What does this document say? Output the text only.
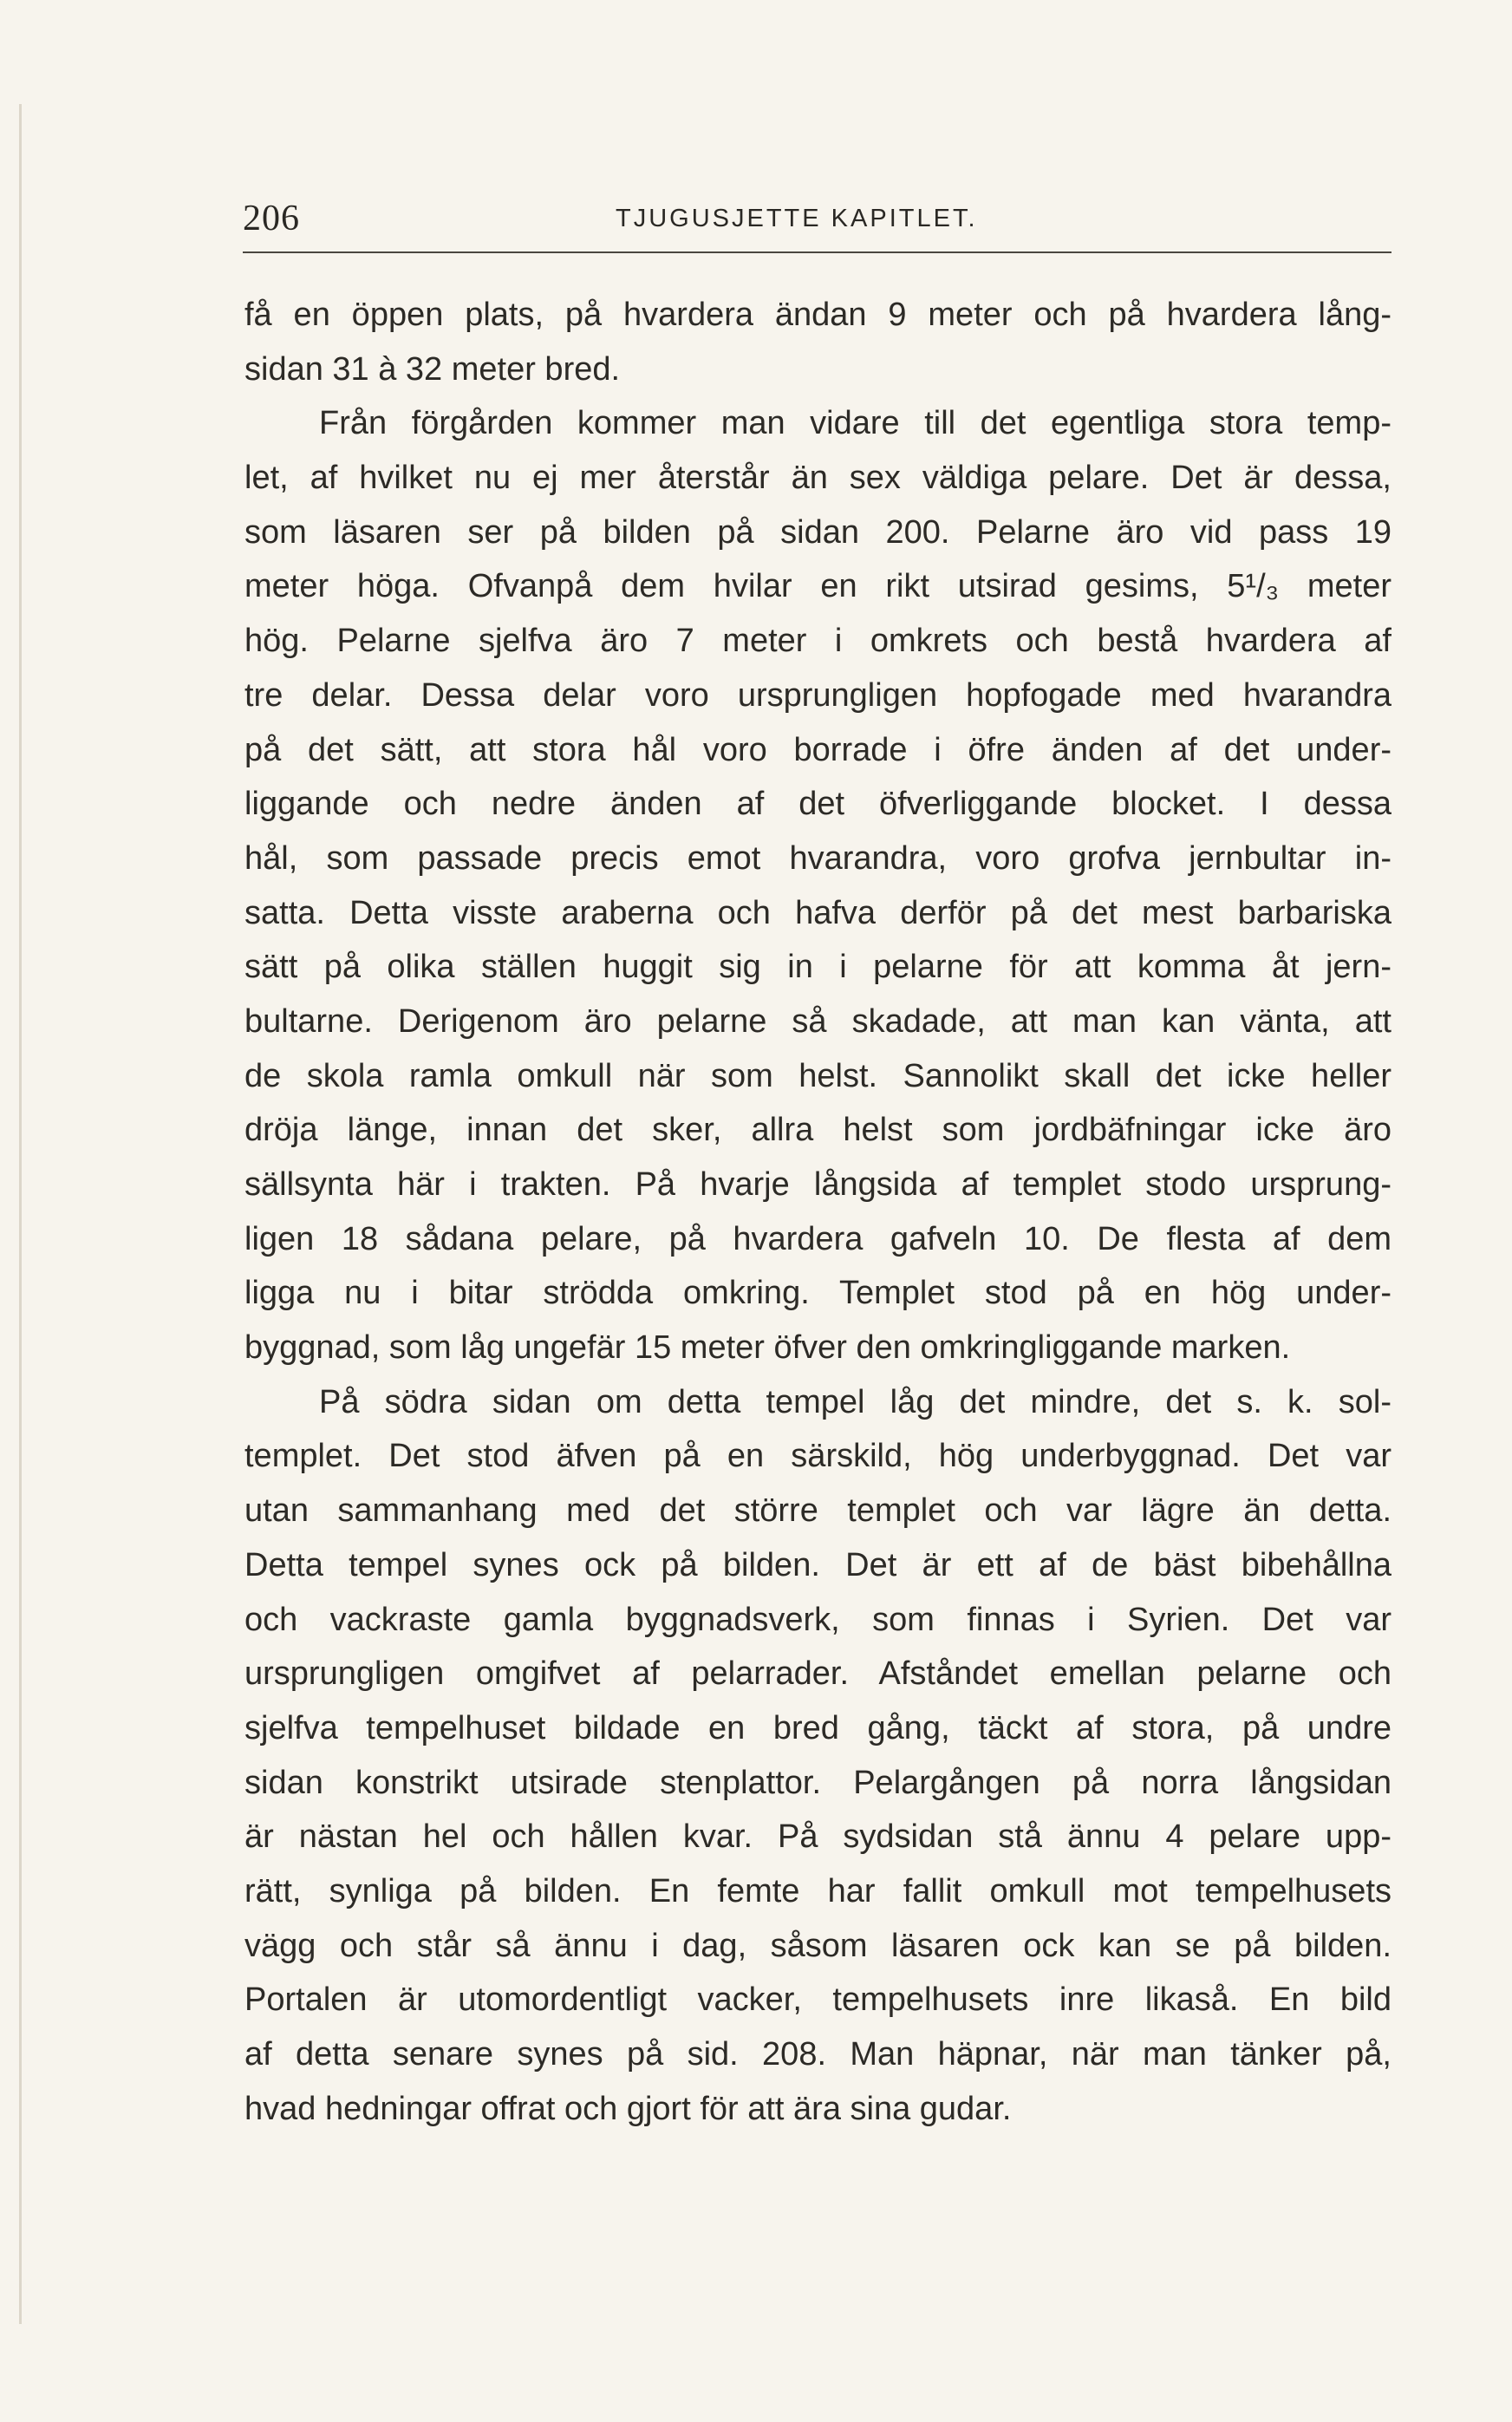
206	TJUGUSJETTE KAPITLET.
få en öppen plats, på hvardera ändan 9 meter och på hvardera lång-
sidan 31 à 32 meter bred.
Från förgården kommer man vidare till det egentliga stora temp-
let, af hvilket nu ej mer återstår än sex väldiga pelare. Det är dessa,
som läsaren ser på bilden på sidan 200. Pelarne äro vid pass 19
meter höga. Ofvanpå dem hvilar en rikt utsirad gesims, 5¹/₃ meter
hög. Pelarne sjelfva äro 7 meter i omkrets och bestå hvardera af
tre delar. Dessa delar voro ursprungligen hopfogade med hvarandra
på det sätt, att stora hål voro borrade i öfre änden af det under-
liggande och nedre änden af det öfverliggande blocket. I dessa
hål, som passade precis emot hvarandra, voro grofva jernbultar in-
satta. Detta visste araberna och hafva derför på det mest barbariska
sätt på olika ställen huggit sig in i pelarne för att komma åt jern-
bultarne. Derigenom äro pelarne så skadade, att man kan vänta, att
de skola ramla omkull när som helst. Sannolikt skall det icke heller
dröja länge, innan det sker, allra helst som jordbäfningar icke äro
sällsynta här i trakten. På hvarje långsida af templet stodo ursprung-
ligen 18 sådana pelare, på hvardera gafveln 10. De flesta af dem
ligga nu i bitar strödda omkring. Templet stod på en hög under-
byggnad, som låg ungefär 15 meter öfver den omkringliggande marken.
På södra sidan om detta tempel låg det mindre, det s. k. sol-
templet. Det stod äfven på en särskild, hög underbyggnad. Det var
utan sammanhang med det större templet och var lägre än detta.
Detta tempel synes ock på bilden. Det är ett af de bäst bibehållna
och vackraste gamla byggnadsverk, som finnas i Syrien. Det var
ursprungligen omgifvet af pelarrader. Afståndet emellan pelarne och
sjelfva tempelhuset bildade en bred gång, täckt af stora, på undre
sidan konstrikt utsirade stenplattor. Pelargången på norra långsidan
är nästan hel och hållen kvar. På sydsidan stå ännu 4 pelare upp-
rätt, synliga på bilden. En femte har fallit omkull mot tempelhusets
vägg och står så ännu i dag, såsom läsaren ock kan se på bilden.
Portalen är utomordentligt vacker, tempelhusets inre likaså. En bild
af detta senare synes på sid. 208. Man häpnar, när man tänker på,
hvad hedningar offrat och gjort för att ära sina gudar.
